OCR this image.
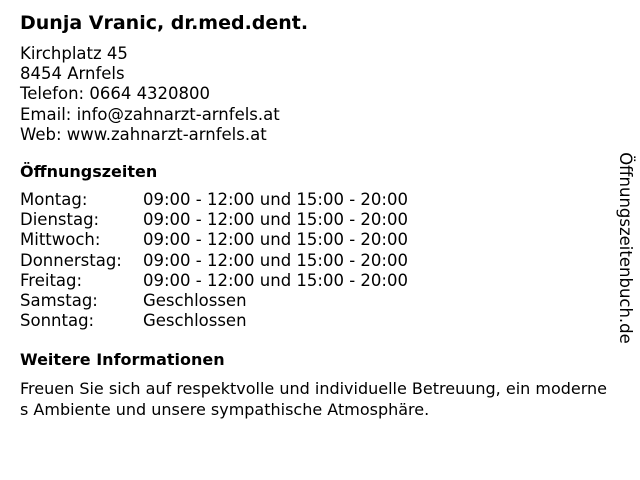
Dunja Vranic, dr.med.dent.
Kirchplatz 45
8454 Arnfels
Telefon: 0664 4320800
Email: info@zahnarzt-arnfels.at
Web: www.zahnarzt-arnfels.at
Öffnungszeiten
Montag:	09:00 - 12:00 und 15:00 - 20:00
Dienstag:	09:00 - 12:00 und 15:00 - 20:00
Mittwoch:	09:00 - 12:00 und 15:00 - 20:00
Donnerstag:	09:00 - 12:00 und 15:00 - 20:00
Freitag:	09:00 - 12:00 und 15:00 - 20:00
Samstag:	Geschlossen
Sonntag:	Geschlossen
Weitere Informationen
Freuen Sie sich auf respektvolle und individuelle Betreuung, ein modernes Ambiente und unsere sympathische Atmosphäre.
Öffnungszeitenbuch.de
